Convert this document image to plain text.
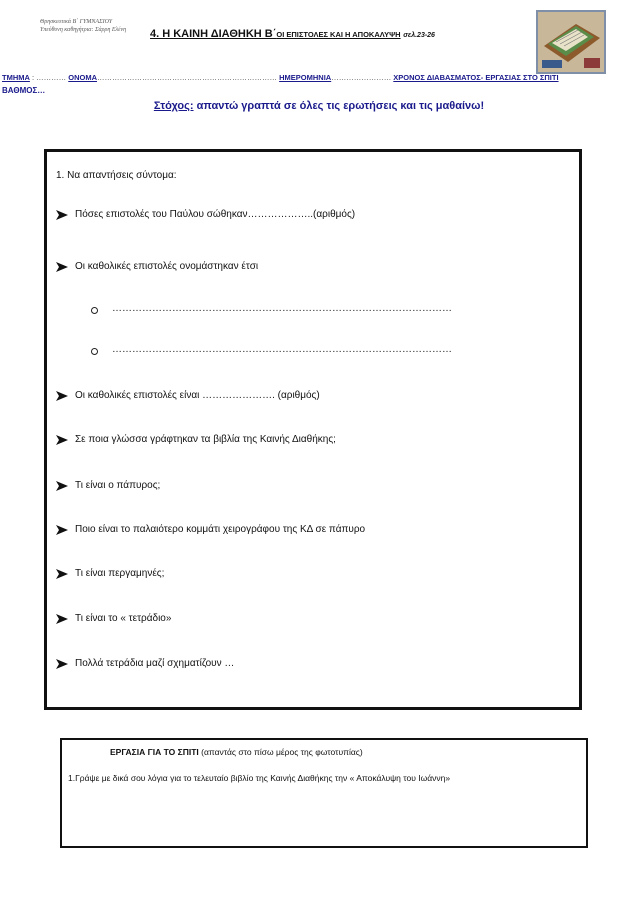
Θρησκευτικά Β΄ ΓΥΜΝΑΣΙΟΥ
Υπεύθυνη καθηγήτρια: Σάρρη Ελένη 4. Η ΚΑΙΝΗ ΔΙΑΘΗΚΗ Β΄ΟΙ ΕΠΙΣΤΟΛΕΣ ΚΑΙ Η ΑΠΟΚΑΛΥΨΗ σελ.23-26
ΤΜΗΜΑ : ………… ΟΝΟΜΑ……………………………………………………………… ΗΜΕΡΟΜΗΝΙΑ…………………… ΧΡΟΝΟΣ ΔΙΑΒΑΣΜΑΤΟΣ- ΕΡΓΑΣΙΑΣ ΣΤΟ ΣΠΙΤΙ
ΒΑΘΜΟΣ…
Στόχος: απαντώ γραπτά σε όλες τις ερωτήσεις και τις μαθαίνω!
1. Να απαντήσεις σύντομα:
Πόσες επιστολές του Παύλου σώθηκαν………………..(αριθμός)
Οι καθολικές επιστολές ονομάστηκαν έτσι
…………………………………………………………………………………………
…………………………………………………………………………………………
Οι καθολικές επιστολές είναι …………………. (αριθμός)
Σε ποια γλώσσα γράφτηκαν τα βιβλία της Καινής Διαθήκης;
Τι είναι ο πάπυρος;
Ποιο είναι το παλαιότερο κομμάτι χειρογράφου της ΚΔ σε πάπυρο
Τι είναι περγαμηνές;
Τι είναι το « τετράδιο»
Πολλά τετράδια μαζί σχηματίζουν …
ΕΡΓΑΣΙΑ ΓΙΑ ΤΟ ΣΠΙΤΙ (απαντάς στο πίσω μέρος της φωτοτυπίας)
1.Γράψε με δικά σου λόγια για το τελευταίο βιβλίο της Καινής Διαθήκης την « Αποκάλυψη του Ιωάννη»
